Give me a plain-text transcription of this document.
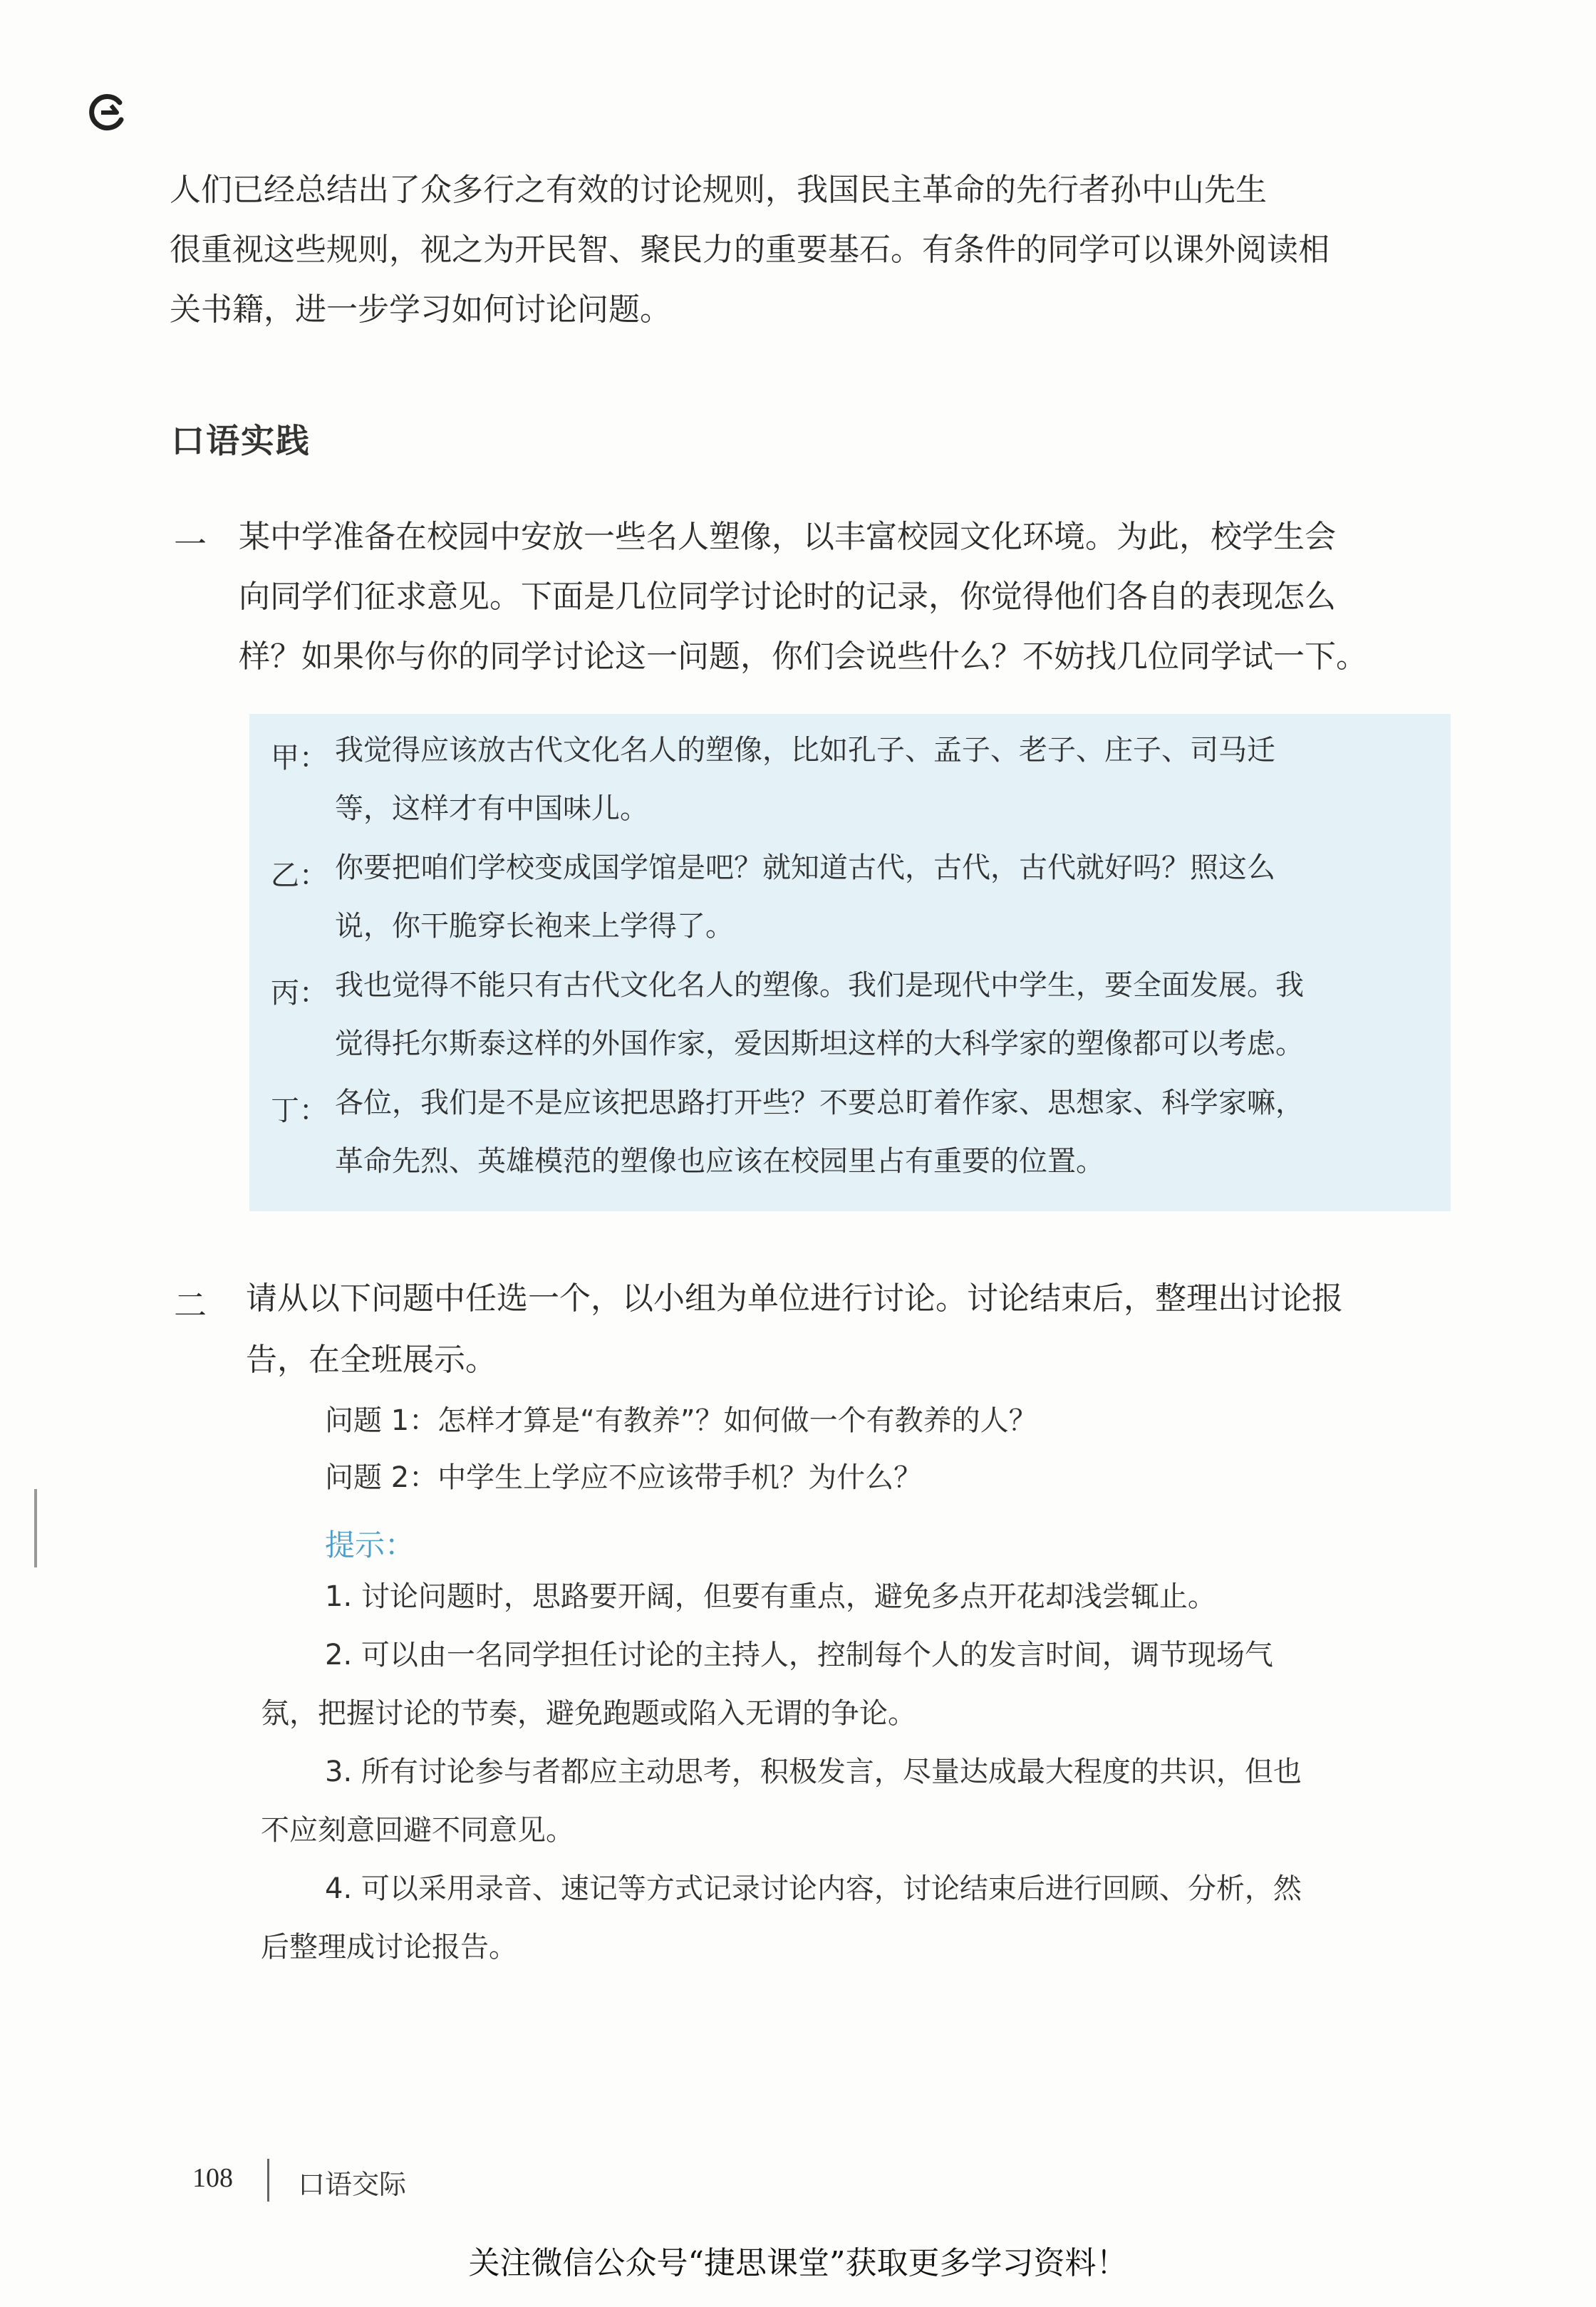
人们已经总结出了众多行之有效的讨论规则，我国民主革命的先行者孙中山先生
很重视这些规则，视之为开民智、聚民力的重要基石。有条件的同学可以课外阅读相
关书籍，进一步学习如何讨论问题。
口语实践
一 某中学准备在校园中安放一些名人塑像，以丰富校园文化环境。为此，校学生会
向同学们征求意见。下面是几位同学讨论时的记录，你觉得他们各自的表现怎么
样？如果你与你的同学讨论这一问题，你们会说些什么？不妨找几位同学试一下。
甲： 我觉得应该放古代文化名人的塑像，比如孔子、孟子、老子、庄子、司马迁
等，这样才有中国味儿。
乙： 你要把咱们学校变成国学馆是吧？就知道古代，古代，古代就好吗？照这么
说，你干脆穿长袍来上学得了。
丙： 我也觉得不能只有古代文化名人的塑像。我们是现代中学生，要全面发展。我
觉得托尔斯泰这样的外国作家，爱因斯坦这样的大科学家的塑像都可以考虑。
丁： 各位，我们是不是应该把思路打开些？不要总盯着作家、思想家、科学家嘛，
革命先烈、英雄模范的塑像也应该在校园里占有重要的位置。
二 请从以下问题中任选一个，以小组为单位进行讨论。讨论结束后，整理出讨论报
告，在全班展示。
问题 1：怎样才算是“有教养”？如何做一个有教养的人？
问题 2：中学生上学应不应该带手机？为什么？
提示：
1. 讨论问题时，思路要开阔，但要有重点，避免多点开花却浅尝辄止。
2. 可以由一名同学担任讨论的主持人，控制每个人的发言时间，调节现场气
氛，把握讨论的节奏，避免跑题或陷入无谓的争论。
3. 所有讨论参与者都应主动思考，积极发言，尽量达成最大程度的共识，但也
不应刻意回避不同意见。
4. 可以采用录音、速记等方式记录讨论内容，讨论结束后进行回顾、分析，然
后整理成讨论报告。
108 口语交际
关注微信公众号“捷思课堂”获取更多学习资料！
